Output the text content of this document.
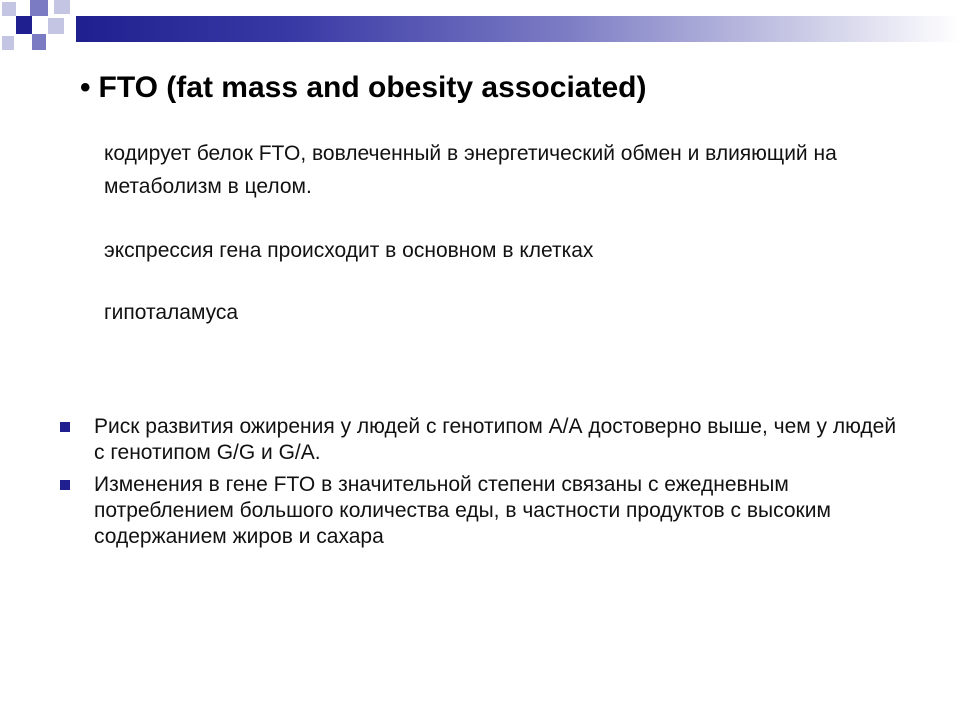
• FTO (fat mass and obesity associated)
кодирует белок FTO, вовлеченный в энергетический обмен и влияющий на метаболизм в целом.
экспрессия гена происходит в основном в клетках
гипоталамуса
Риск развития ожирения у людей с генотипом А/А достоверно выше, чем у людей с генотипом G/G и G/A.
Изменения в гене FTO в значительной степени связаны с ежедневным потреблением большого количества еды, в частности продуктов с высоким содержанием жиров и сахара
